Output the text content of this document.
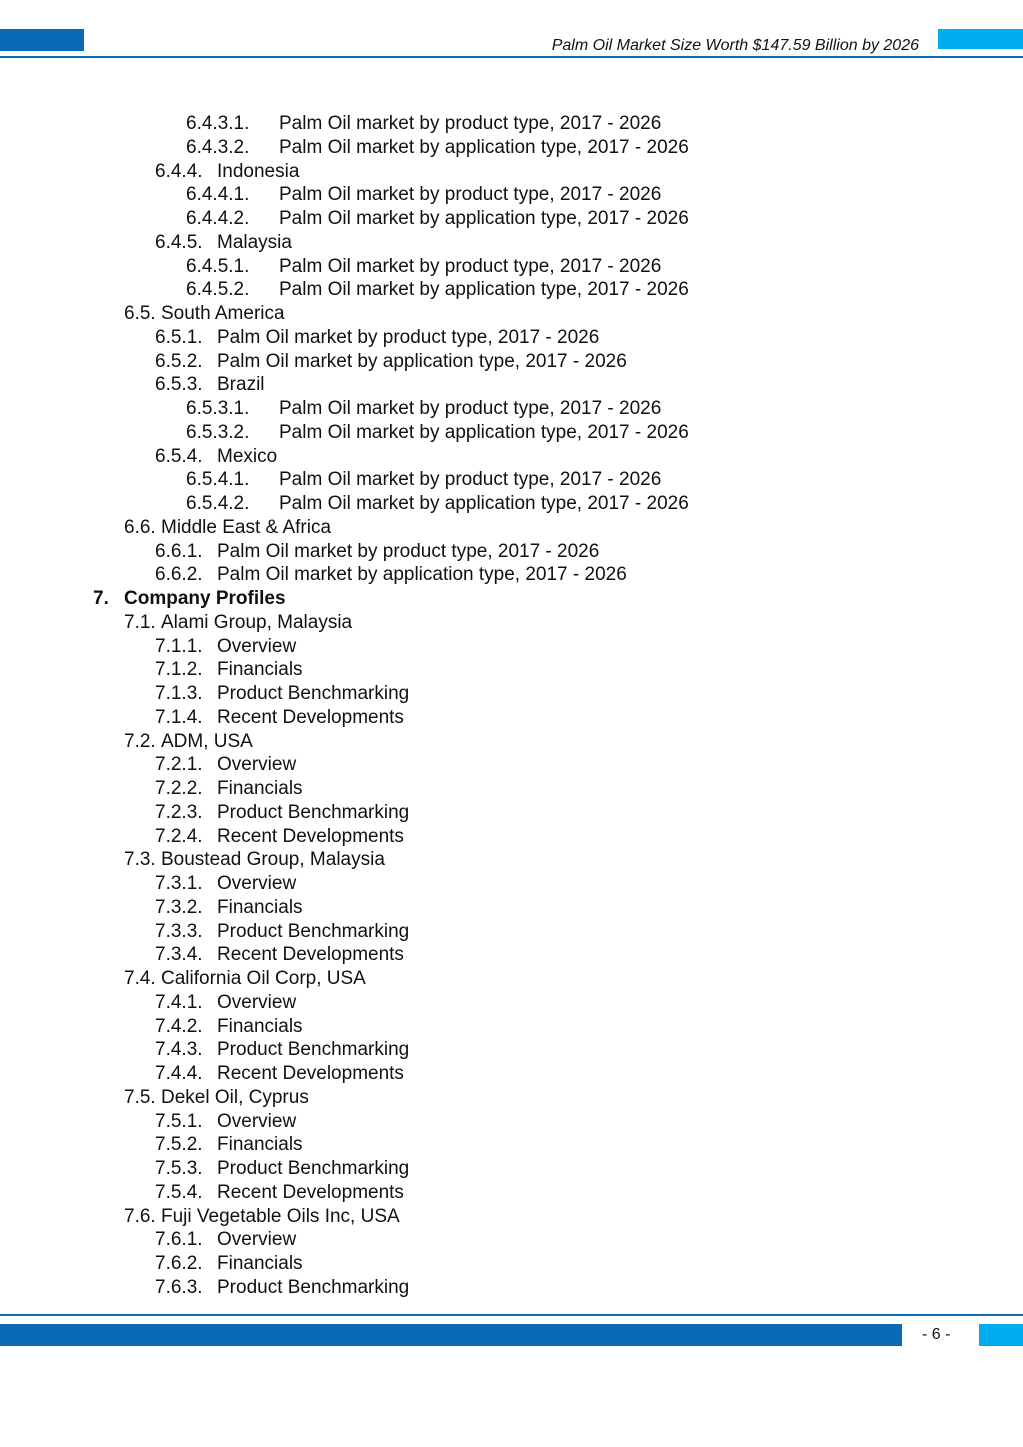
Palm Oil Market Size Worth $147.59 Billion by 2026
6.4.3.1. Palm Oil market by product type, 2017 - 2026
6.4.3.2. Palm Oil market by application type, 2017 - 2026
6.4.4. Indonesia
6.4.4.1. Palm Oil market by product type, 2017 - 2026
6.4.4.2. Palm Oil market by application type, 2017 - 2026
6.4.5. Malaysia
6.4.5.1. Palm Oil market by product type, 2017 - 2026
6.4.5.2. Palm Oil market by application type, 2017 - 2026
6.5. South America
6.5.1. Palm Oil market by product type, 2017 - 2026
6.5.2. Palm Oil market by application type, 2017 - 2026
6.5.3. Brazil
6.5.3.1. Palm Oil market by product type, 2017 - 2026
6.5.3.2. Palm Oil market by application type, 2017 - 2026
6.5.4. Mexico
6.5.4.1. Palm Oil market by product type, 2017 - 2026
6.5.4.2. Palm Oil market by application type, 2017 - 2026
6.6. Middle East & Africa
6.6.1. Palm Oil market by product type, 2017 - 2026
6.6.2. Palm Oil market by application type, 2017 - 2026
7. Company Profiles
7.1. Alami Group, Malaysia
7.1.1. Overview
7.1.2. Financials
7.1.3. Product Benchmarking
7.1.4. Recent Developments
7.2. ADM, USA
7.2.1. Overview
7.2.2. Financials
7.2.3. Product Benchmarking
7.2.4. Recent Developments
7.3. Boustead Group, Malaysia
7.3.1. Overview
7.3.2. Financials
7.3.3. Product Benchmarking
7.3.4. Recent Developments
7.4. California Oil Corp, USA
7.4.1. Overview
7.4.2. Financials
7.4.3. Product Benchmarking
7.4.4. Recent Developments
7.5. Dekel Oil, Cyprus
7.5.1. Overview
7.5.2. Financials
7.5.3. Product Benchmarking
7.5.4. Recent Developments
7.6. Fuji Vegetable Oils Inc, USA
7.6.1. Overview
7.6.2. Financials
7.6.3. Product Benchmarking
- 6 -
